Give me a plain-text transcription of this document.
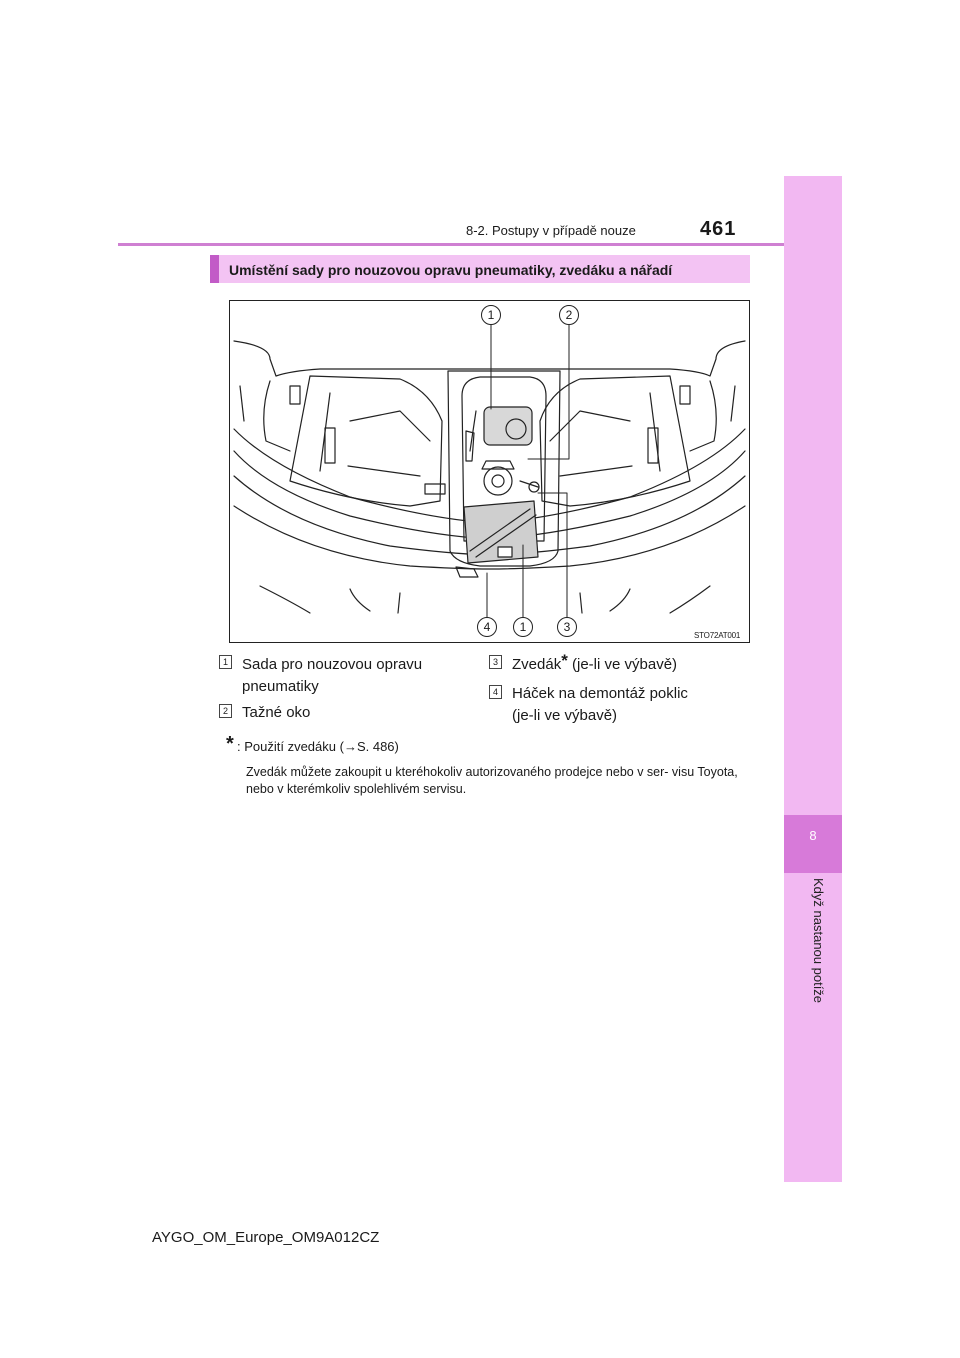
8
Když nastanou potíže
8-2. Postupy v případě nouze	461
Umístění sady pro nouzovou opravu pneumatiky, zvedáku a nářadí
1	2
4	1	3
STO72AT001
1 Sada pro nouzovou opravu
pneumatiky
2 Tažné oko
3 Zvedák* (je-li ve výbavě)
4 Háček na demontáž poklic
(je-li ve výbavě)
* : Použití zvedáku (→S. 486)
Zvedák můžete zakoupit u kteréhokoliv autorizovaného prodejce nebo v ser- visu Toyota, nebo v kterémkoliv spolehlivém servisu.
AYGO_OM_Europe_OM9A012CZ
